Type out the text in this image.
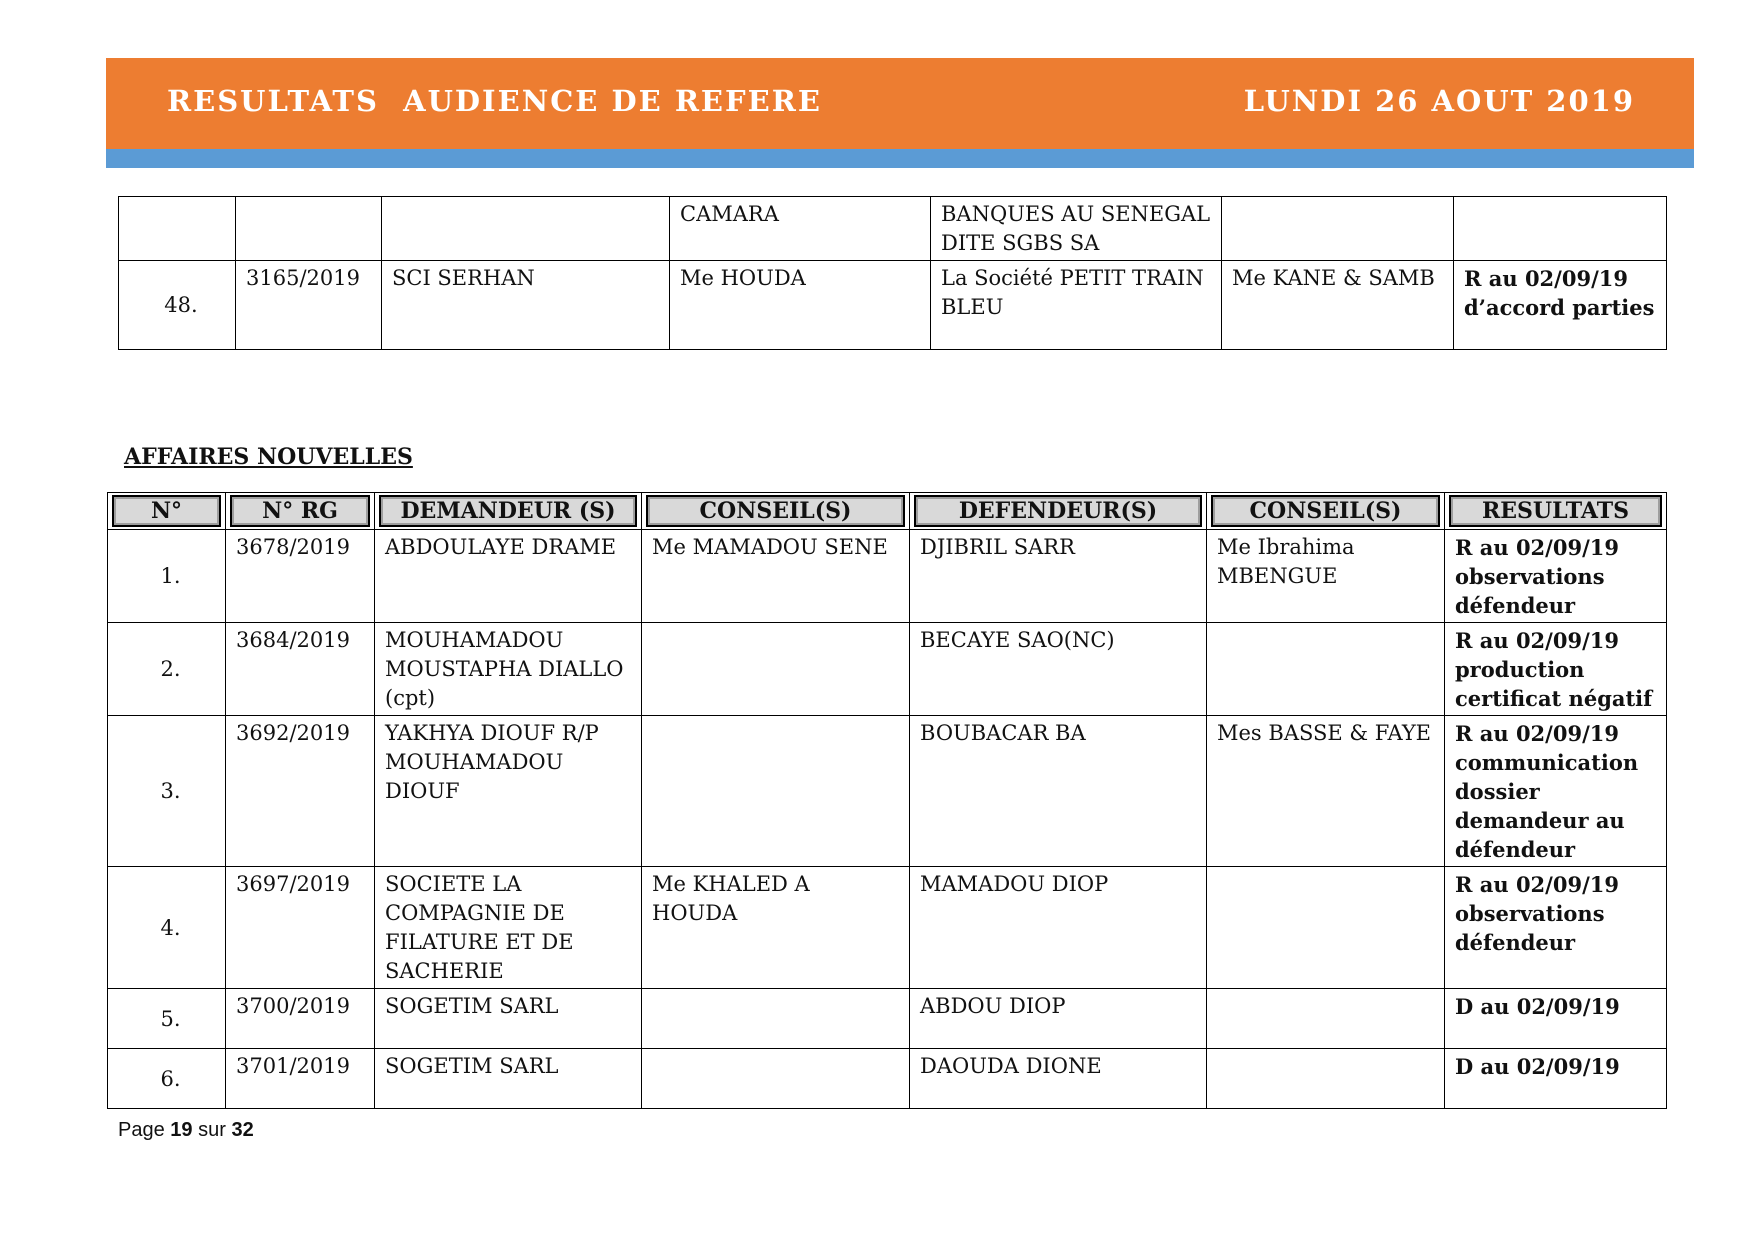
RESULTATS  AUDIENCE DE REFERE	LUNDI 26 AOUT 2019
			CAMARA	BANQUES AU SENEGAL DITE SGBS SA		
48.	3165/2019	SCI SERHAN	Me HOUDA	La Société PETIT TRAIN BLEU	Me KANE & SAMB	R au 02/09/19 d’accord parties
AFFAIRES NOUVELLES
N°	N° RG	DEMANDEUR (S)	CONSEIL(S)	DEFENDEUR(S)	CONSEIL(S)	RESULTATS

1.	3678/2019	ABDOULAYE DRAME	Me MAMADOU SENE	DJIBRIL SARR	Me Ibrahima MBENGUE	R au 02/09/19 observations défendeur
2.	3684/2019	MOUHAMADOU MOUSTAPHA DIALLO (cpt)		BECAYE SAO(NC)		R au 02/09/19 production certificat négatif
3.	3692/2019	YAKHYA DIOUF R/P MOUHAMADOU DIOUF		BOUBACAR BA	Mes BASSE & FAYE	R au 02/09/19 communication dossier demandeur au défendeur
4.	3697/2019	SOCIETE LA COMPAGNIE DE FILATURE ET DE SACHERIE	Me KHALED A HOUDA	MAMADOU DIOP		R au 02/09/19 observations défendeur
5.	3700/2019	SOGETIM SARL		ABDOU DIOP		D au 02/09/19
6.	3701/2019	SOGETIM SARL		DAOUDA DIONE		D au 02/09/19
Page 19 sur 32
